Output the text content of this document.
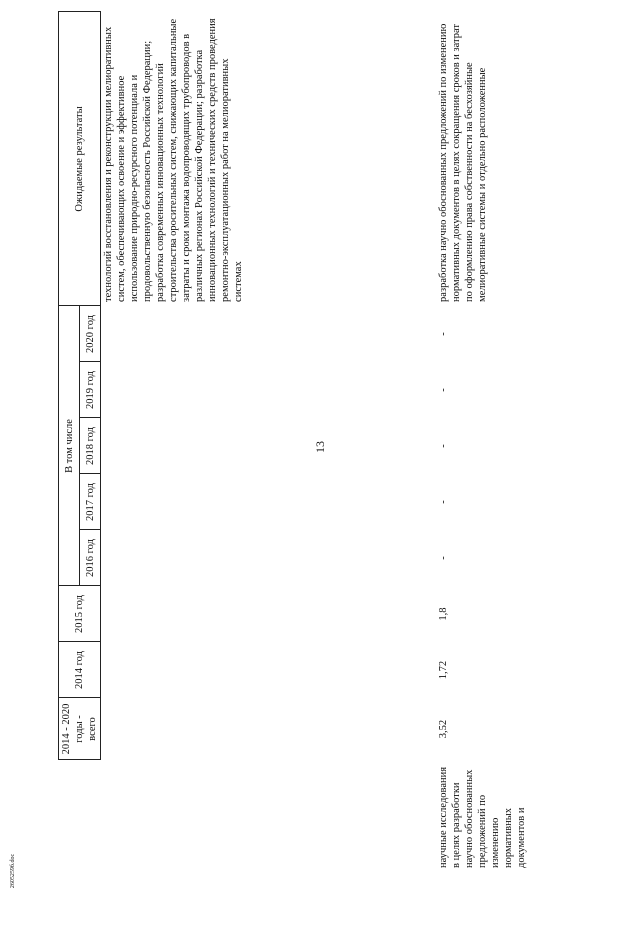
13
	2014 - 2020 годы - всего	2014 год	2015 год	В том числе					Ожидаемые результаты
				2016 год	2017 год	2018 год	2019 год	2020 год	
									технологий восстановления и реконструкции мелиоративных систем, обеспечивающих освоение и эффективное использование природно-ресурсного потенциала и продовольственную безопасность Российской Федерации; разработка современных инновационных технологий строительства оросительных систем, снижающих капитальные затраты и сроки монтажа водопроводящих трубопроводов в различных регионах Российской Федерации; разработка инновационных технологий и технических средств проведения ремонтно-эксплуатационных работ на мелиоративных системах
научные исследования в целях разработки научно обоснованных предложений по изменению нормативных документов и	3,52	1,72	1,8	-	-	-	-	-	разработка научно обоснованных предложений по изменению нормативных документов в целях сокращения сроков и затрат по оформлению права собственности на бесхозяйные мелиоративные системы и отдельно расположенные
2605259б.doc
